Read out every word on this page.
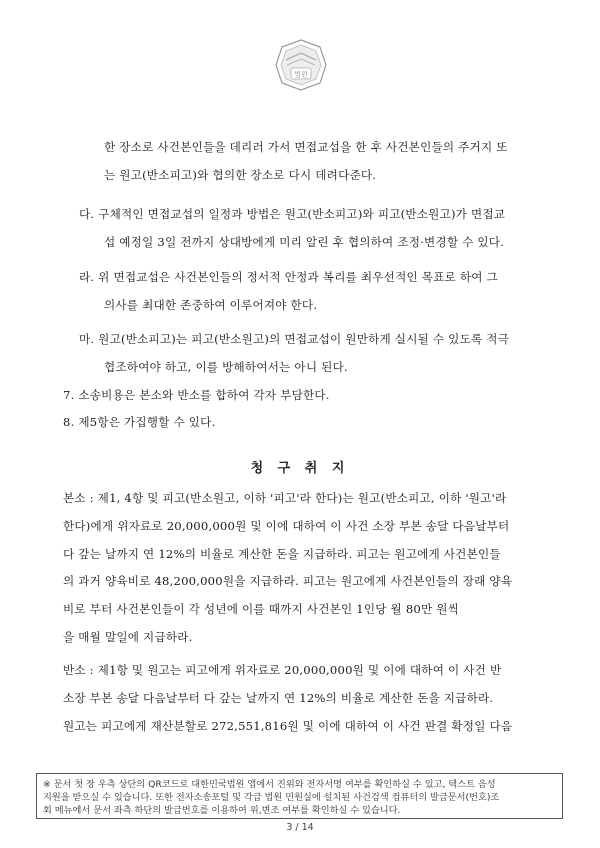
법원
한 장소로 사건본인들을 데리러 가서 면접교섭을 한 후 사건본인들의 주거지 또
는 원고(반소피고)와 협의한 장소로 다시 데려다준다.
다. 구체적인 면접교섭의 일정과 방법은 원고(반소피고)와 피고(반소원고)가 면접교
섭 예정일 3일 전까지 상대방에게 미리 알린 후 협의하여 조정·변경할 수 있다.
라. 위 면접교섭은 사건본인들의 정서적 안정과 복리를 최우선적인 목표로 하여 그
의사를 최대한 존중하여 이루어져야 한다.
마. 원고(반소피고)는 피고(반소원고)의 면접교섭이 원만하게 실시될 수 있도록 적극
협조하여야 하고, 이를 방해하여서는 아니 된다.
7. 소송비용은 본소와 반소를 합하여 각자 부담한다.
8. 제5항은 가집행할 수 있다.
청 구 취 지
본소 : 제1, 4항 및 피고(반소원고, 이하 '피고'라 한다)는 원고(반소피고, 이하 '원고'라
한다)에게 위자료로 20,000,000원 및 이에 대하여 이 사건 소장 부본 송달 다음날부터
다 갚는 날까지 연 12%의 비율로 계산한 돈을 지급하라. 피고는 원고에게 사건본인들
의 과거 양육비로 48,200,000원을 지급하라. 피고는 원고에게 사건본인들의 장래 양육
비로 부터 사건본인들이 각 성년에 이를 때까지 사건본인 1인당 월 80만 원씩
을 매월 말일에 지급하라.
반소 : 제1항 및 원고는 피고에게 위자료로 20,000,000원 및 이에 대하여 이 사건 반
소장 부본 송달 다음날부터 다 갚는 날까지 연 12%의 비율로 계산한 돈을 지급하라.
원고는 피고에게 재산분할로 272,551,816원 및 이에 대하여 이 사건 판결 확정일 다음
※ 문서 첫 장 우측 상단의 QR코드로 대한민국법원 앱에서 진위와 전자서명 여부를 확인하실 수 있고, 텍스트 음성
지원을 받으실 수 있습니다. 또한 전자소송포털 및 각급 법원 민원실에 설치된 사건검색 컴퓨터의 발급문서(번호)조
회 메뉴에서 문서 좌측 하단의 발급번호를 이용하여 위,변조 여부를 확인하실 수 있습니다.
3 / 14
